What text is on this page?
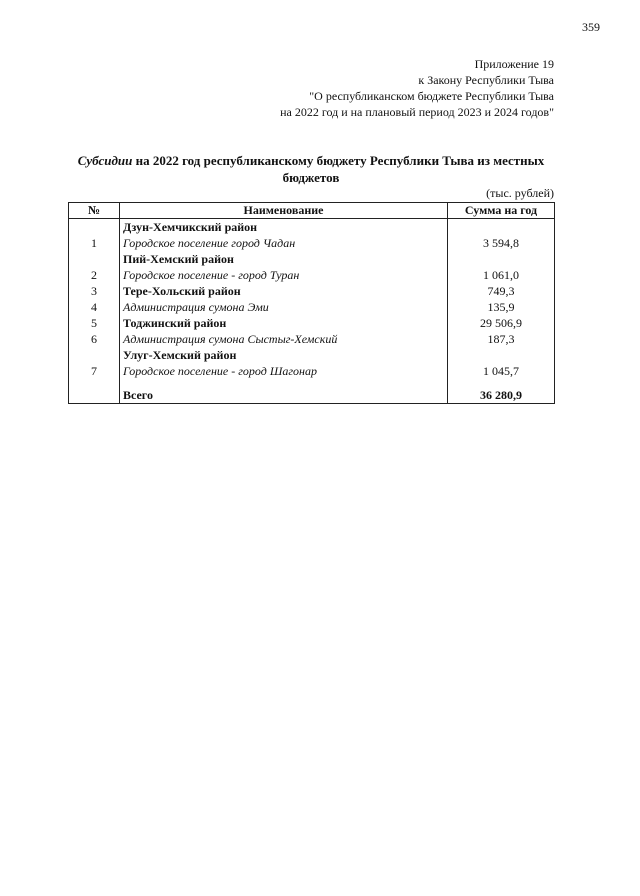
359
Приложение 19
к Закону Республики Тыва
"О республиканском бюджете Республики Тыва
на 2022 год и на плановый период 2023 и 2024 годов"
Субсидии на 2022 год республиканскому бюджету Республики Тыва из местных
бюджетов
(тыс. рублей)
№	Наименование	Сумма на год
	Дзун-Хемчикский район	
1	Городское поселение город Чадан	3 594,8
	Пий-Хемский район	
2	Городское поселение - город Туран	1 061,0
3	Тере-Хольский район	749,3
4	Администрация сумона Эми	135,9
5	Тоджинский район	29 506,9
6	Администрация сумона Сыстыг-Хемский	187,3
	Улуг-Хемский район	
7	Городское поселение - город Шагонар	1 045,7

	Всего	36 280,9
